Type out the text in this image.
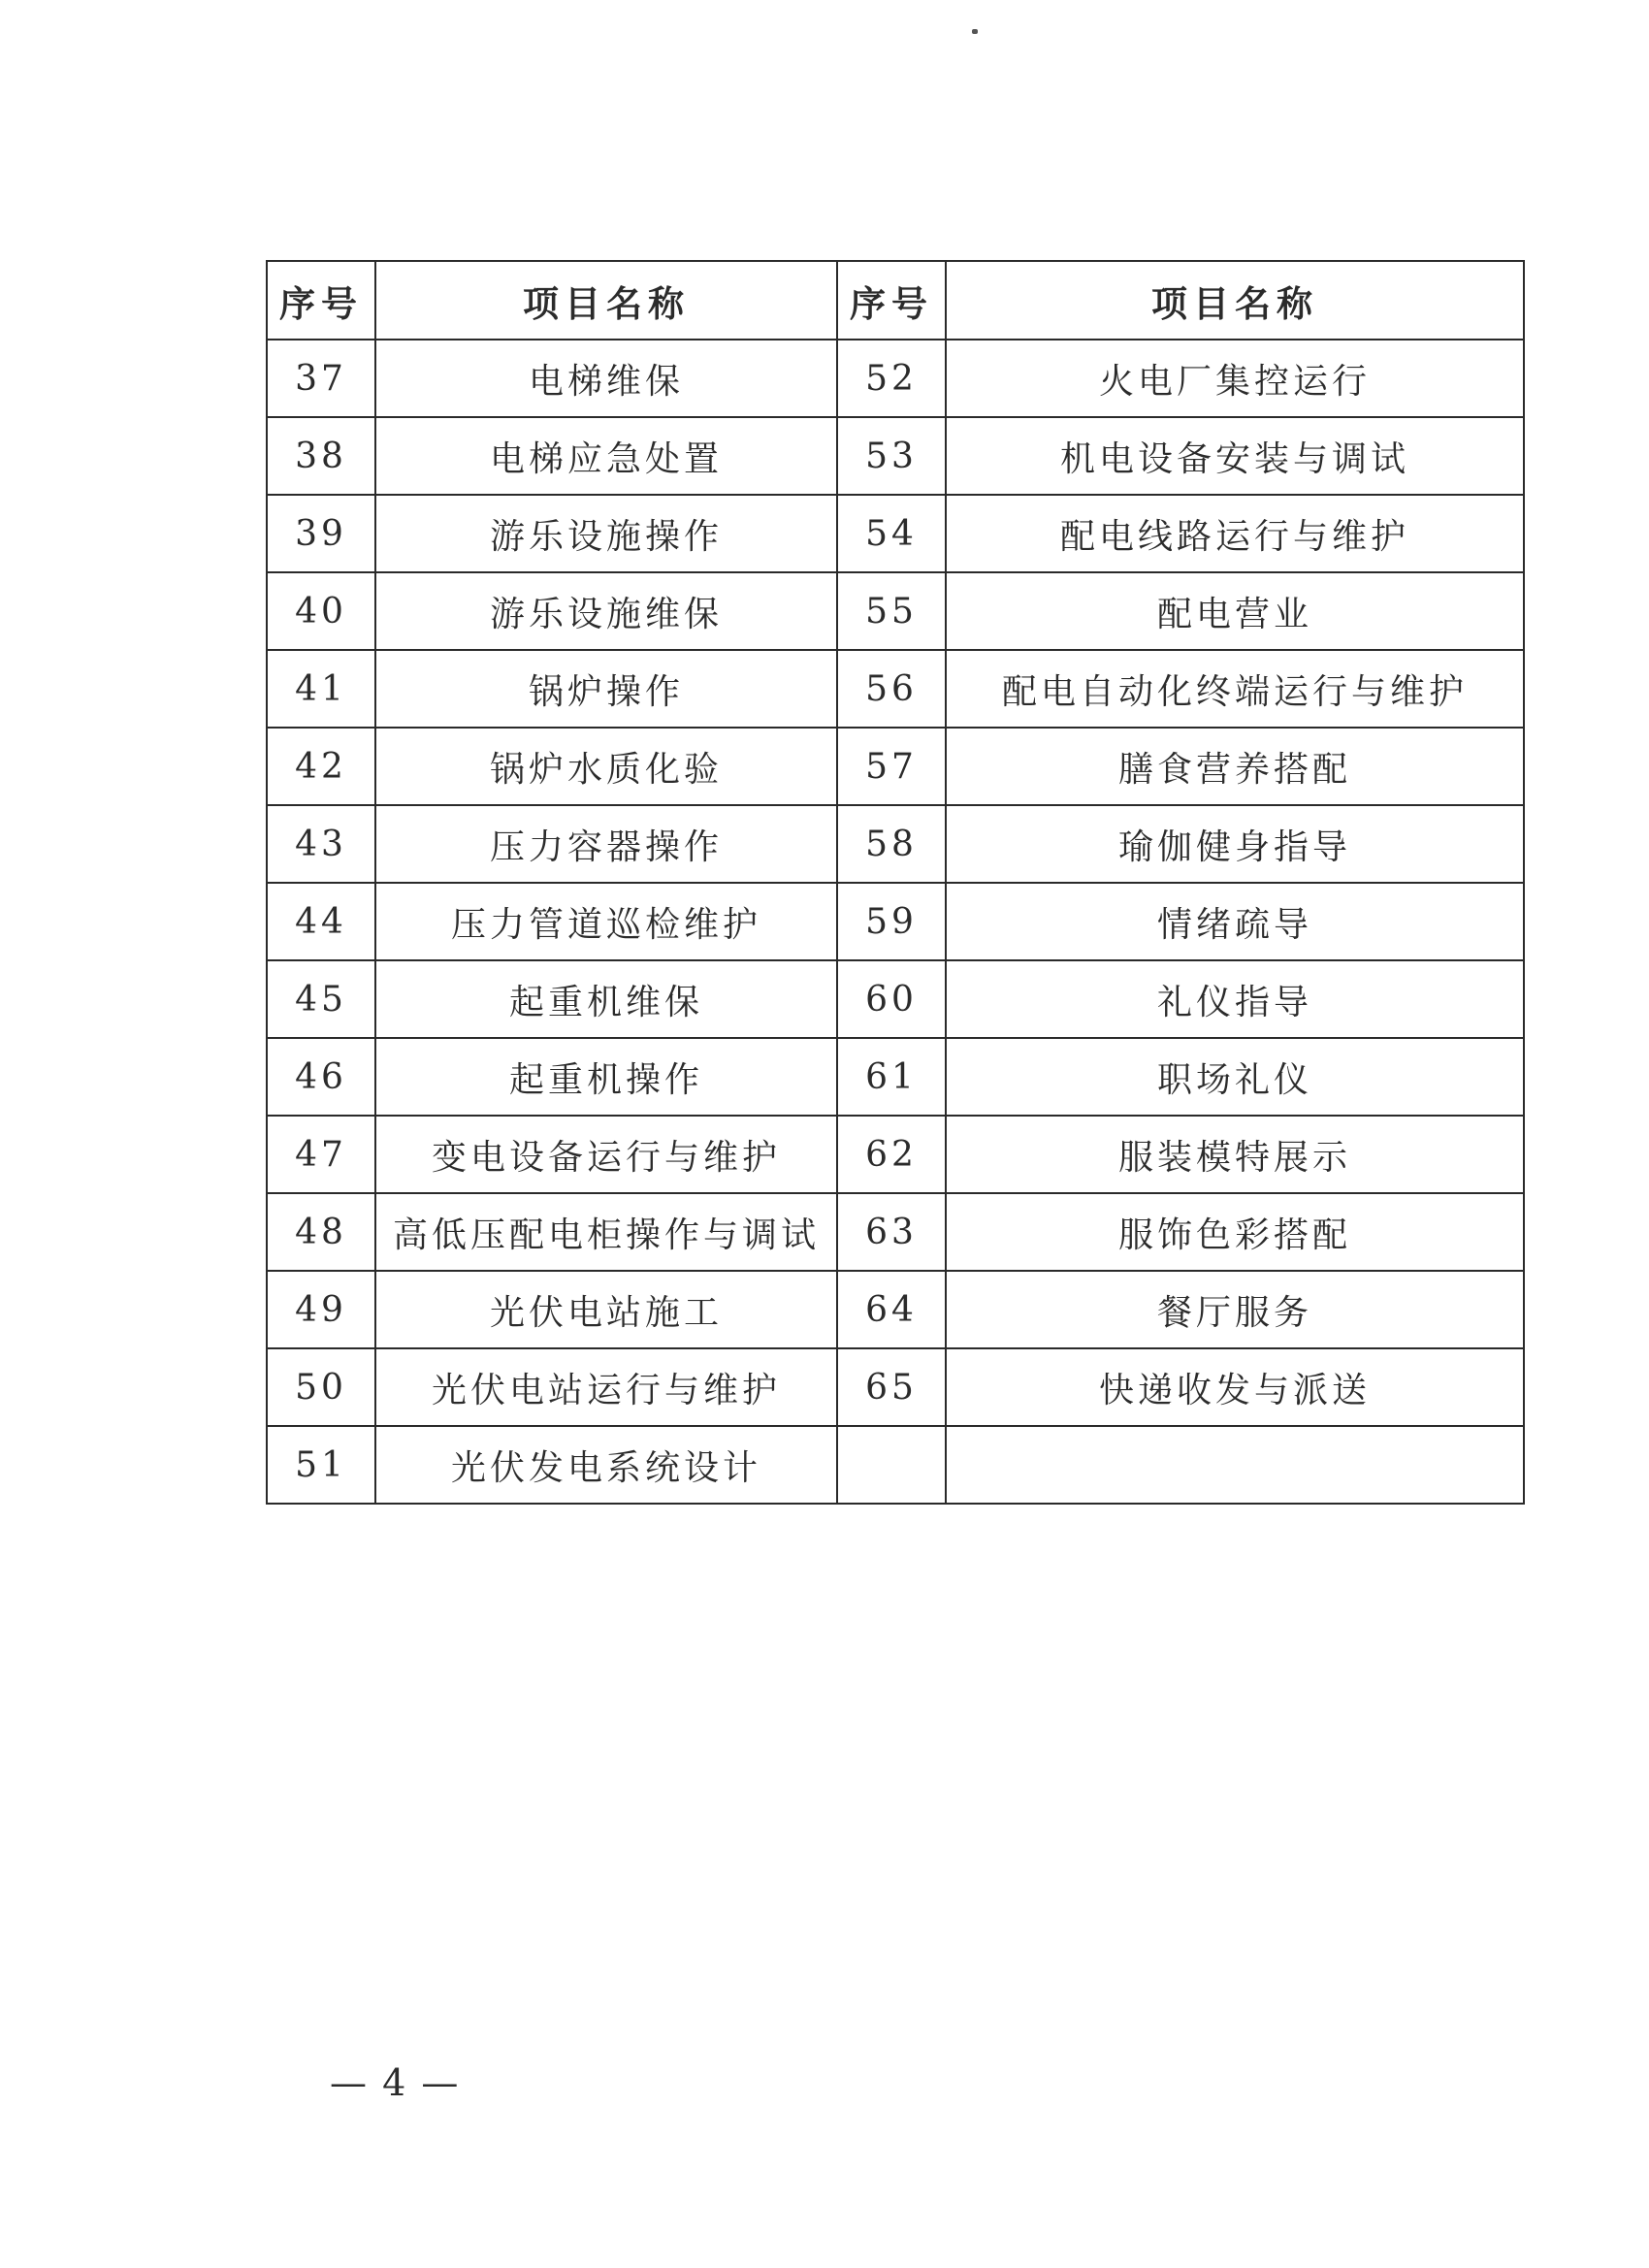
序号	项目名称	序号	项目名称
37	电梯维保	52	火电厂集控运行
38	电梯应急处置	53	机电设备安装与调试
39	游乐设施操作	54	配电线路运行与维护
40	游乐设施维保	55	配电营业
41	锅炉操作	56	配电自动化终端运行与维护
42	锅炉水质化验	57	膳食营养搭配
43	压力容器操作	58	瑜伽健身指导
44	压力管道巡检维护	59	情绪疏导
45	起重机维保	60	礼仪指导
46	起重机操作	61	职场礼仪
47	变电设备运行与维护	62	服装模特展示
48	高低压配电柜操作与调试	63	服饰色彩搭配
49	光伏电站施工	64	餐厅服务
50	光伏电站运行与维护	65	快递收发与派送
51	光伏发电系统设计		
— 4 —
